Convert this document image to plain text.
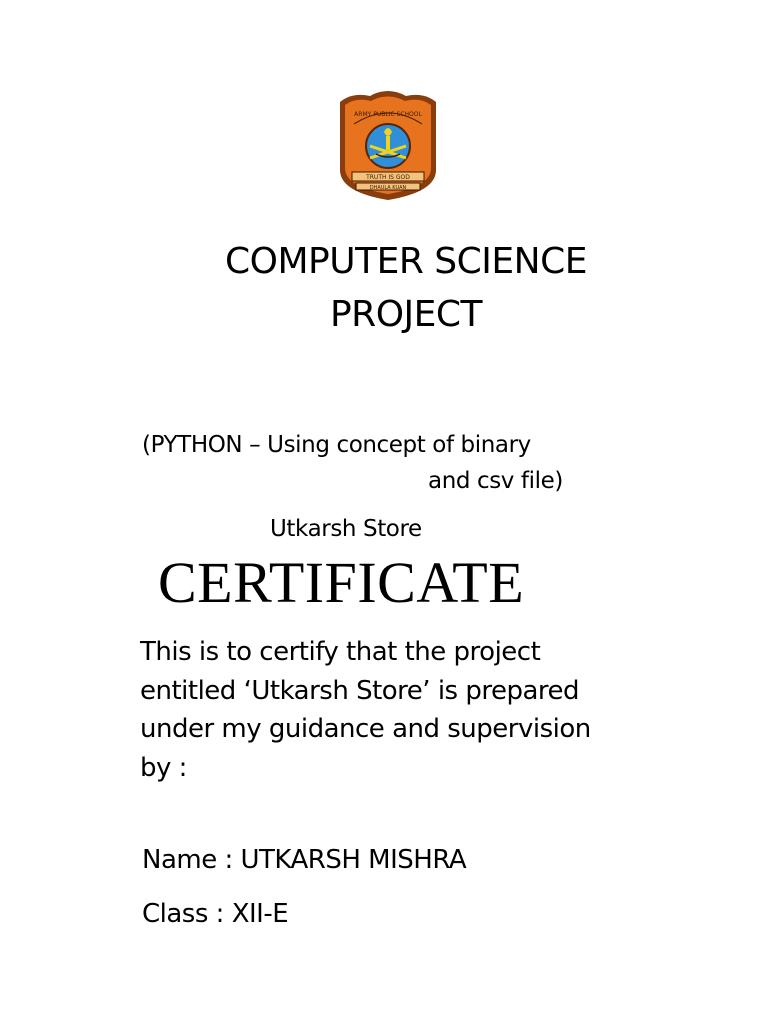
ARMY PUBLIC SCHOOL
TRUTH IS GOD
DHAULA KUAN
COMPUTER SCIENCE
PROJECT
(PYTHON – Using concept of binary
and csv file)
Utkarsh Store
CERTIFICATE
This is to certify that the project
entitled ‘Utkarsh Store’ is prepared
under my guidance and supervision
by :
Name : UTKARSH MISHRA
Class : XII-E
